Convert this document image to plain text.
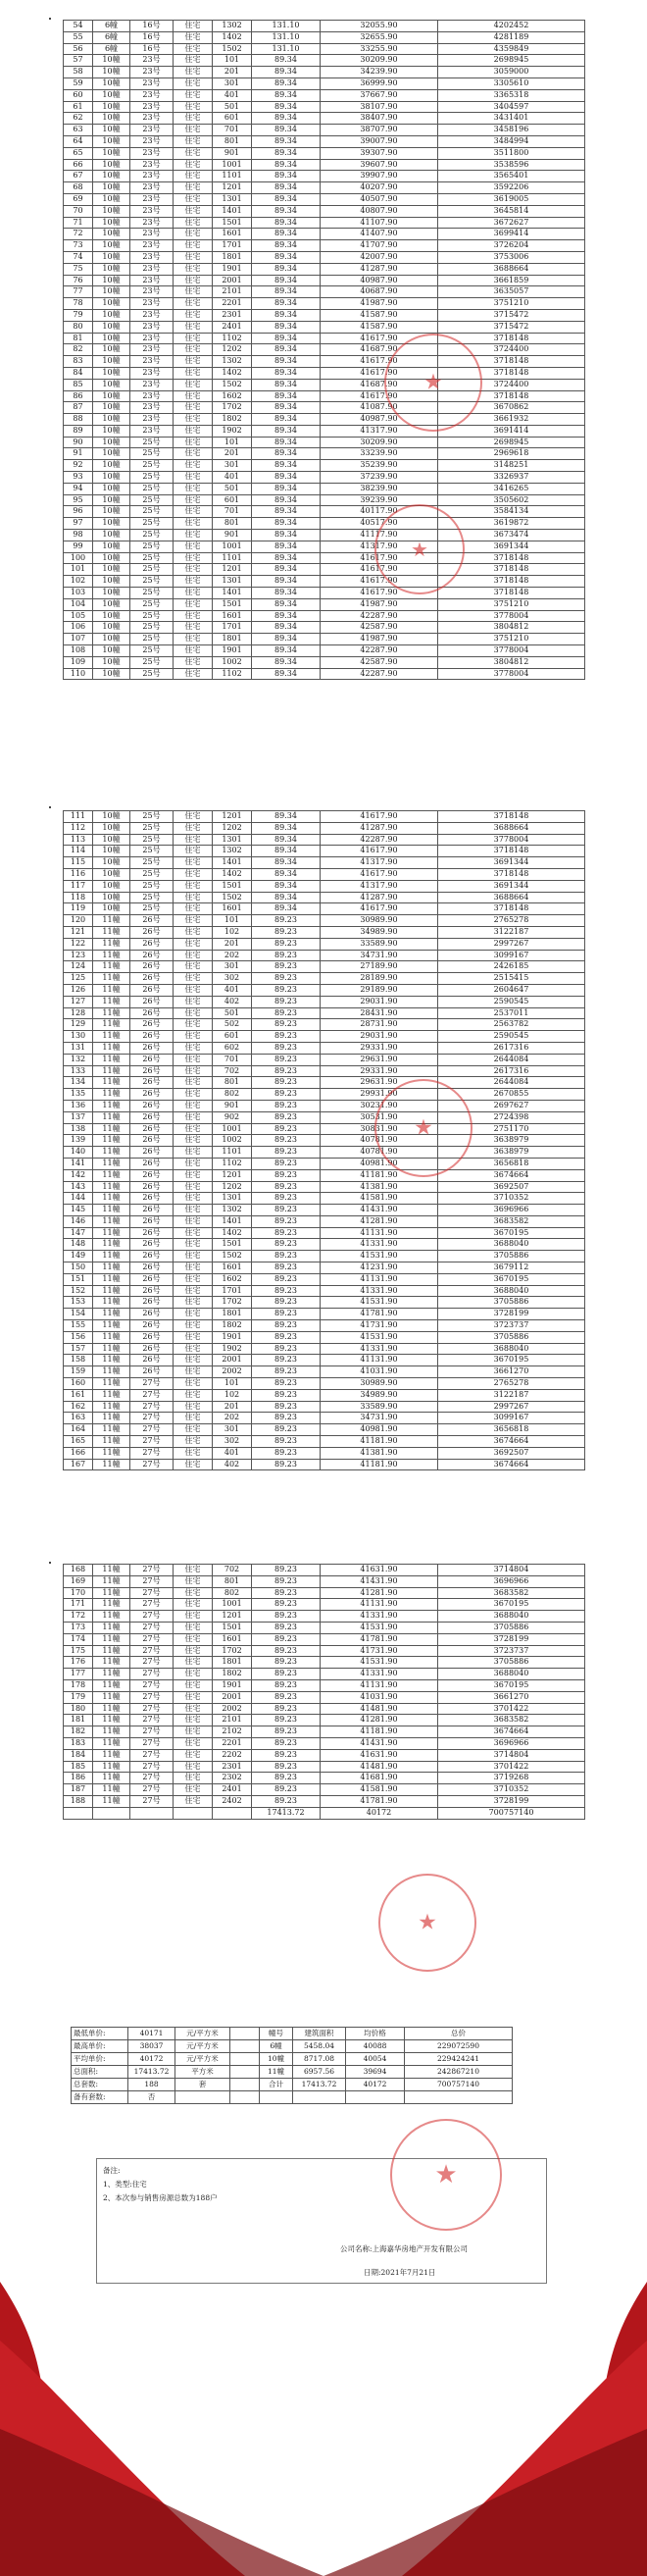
54	6幢	16号	住宅	1302	131.10	32055.90	4202452
55	6幢	16号	住宅	1402	131.10	32655.90	4281189
56	6幢	16号	住宅	1502	131.10	33255.90	4359849
57	10幢	23号	住宅	101	89.34	30209.90	2698945
58	10幢	23号	住宅	201	89.34	34239.90	3059000
59	10幢	23号	住宅	301	89.34	36999.90	3305610
60	10幢	23号	住宅	401	89.34	37667.90	3365318
61	10幢	23号	住宅	501	89.34	38107.90	3404597
62	10幢	23号	住宅	601	89.34	38407.90	3431401
63	10幢	23号	住宅	701	89.34	38707.90	3458196
64	10幢	23号	住宅	801	89.34	39007.90	3484994
65	10幢	23号	住宅	901	89.34	39307.90	3511800
66	10幢	23号	住宅	1001	89.34	39607.90	3538596
67	10幢	23号	住宅	1101	89.34	39907.90	3565401
68	10幢	23号	住宅	1201	89.34	40207.90	3592206
69	10幢	23号	住宅	1301	89.34	40507.90	3619005
70	10幢	23号	住宅	1401	89.34	40807.90	3645814
71	10幢	23号	住宅	1501	89.34	41107.90	3672627
72	10幢	23号	住宅	1601	89.34	41407.90	3699414
73	10幢	23号	住宅	1701	89.34	41707.90	3726204
74	10幢	23号	住宅	1801	89.34	42007.90	3753006
75	10幢	23号	住宅	1901	89.34	41287.90	3688664
76	10幢	23号	住宅	2001	89.34	40987.90	3661859
77	10幢	23号	住宅	2101	89.34	40687.90	3635057
78	10幢	23号	住宅	2201	89.34	41987.90	3751210
79	10幢	23号	住宅	2301	89.34	41587.90	3715472
80	10幢	23号	住宅	2401	89.34	41587.90	3715472
81	10幢	23号	住宅	1102	89.34	41617.90	3718148
82	10幢	23号	住宅	1202	89.34	41687.90	3724400
83	10幢	23号	住宅	1302	89.34	41617.90	3718148
84	10幢	23号	住宅	1402	89.34	41617.90	3718148
85	10幢	23号	住宅	1502	89.34	41687.90	3724400
86	10幢	23号	住宅	1602	89.34	41617.90	3718148
87	10幢	23号	住宅	1702	89.34	41087.90	3670862
88	10幢	23号	住宅	1802	89.34	40987.90	3661932
89	10幢	23号	住宅	1902	89.34	41317.90	3691414
90	10幢	25号	住宅	101	89.34	30209.90	2698945
91	10幢	25号	住宅	201	89.34	33239.90	2969618
92	10幢	25号	住宅	301	89.34	35239.90	3148251
93	10幢	25号	住宅	401	89.34	37239.90	3326937
94	10幢	25号	住宅	501	89.34	38239.90	3416265
95	10幢	25号	住宅	601	89.34	39239.90	3505602
96	10幢	25号	住宅	701	89.34	40117.90	3584134
97	10幢	25号	住宅	801	89.34	40517.90	3619872
98	10幢	25号	住宅	901	89.34	41117.90	3673474
99	10幢	25号	住宅	1001	89.34	41317.90	3691344
100	10幢	25号	住宅	1101	89.34	41617.90	3718148
101	10幢	25号	住宅	1201	89.34	41617.90	3718148
102	10幢	25号	住宅	1301	89.34	41617.90	3718148
103	10幢	25号	住宅	1401	89.34	41617.90	3718148
104	10幢	25号	住宅	1501	89.34	41987.90	3751210
105	10幢	25号	住宅	1601	89.34	42287.90	3778004
106	10幢	25号	住宅	1701	89.34	42587.90	3804812
107	10幢	25号	住宅	1801	89.34	41987.90	3751210
108	10幢	25号	住宅	1901	89.34	42287.90	3778004
109	10幢	25号	住宅	1002	89.34	42587.90	3804812
110	10幢	25号	住宅	1102	89.34	42287.90	3778004
111	10幢	25号	住宅	1201	89.34	41617.90	3718148
112	10幢	25号	住宅	1202	89.34	41287.90	3688664
113	10幢	25号	住宅	1301	89.34	42287.90	3778004
114	10幢	25号	住宅	1302	89.34	41617.90	3718148
115	10幢	25号	住宅	1401	89.34	41317.90	3691344
116	10幢	25号	住宅	1402	89.34	41617.90	3718148
117	10幢	25号	住宅	1501	89.34	41317.90	3691344
118	10幢	25号	住宅	1502	89.34	41287.90	3688664
119	10幢	25号	住宅	1601	89.34	41617.90	3718148
120	11幢	26号	住宅	101	89.23	30989.90	2765278
121	11幢	26号	住宅	102	89.23	34989.90	3122187
122	11幢	26号	住宅	201	89.23	33589.90	2997267
123	11幢	26号	住宅	202	89.23	34731.90	3099167
124	11幢	26号	住宅	301	89.23	27189.90	2426185
125	11幢	26号	住宅	302	89.23	28189.90	2515415
126	11幢	26号	住宅	401	89.23	29189.90	2604647
127	11幢	26号	住宅	402	89.23	29031.90	2590545
128	11幢	26号	住宅	501	89.23	28431.90	2537011
129	11幢	26号	住宅	502	89.23	28731.90	2563782
130	11幢	26号	住宅	601	89.23	29031.90	2590545
131	11幢	26号	住宅	602	89.23	29331.90	2617316
132	11幢	26号	住宅	701	89.23	29631.90	2644084
133	11幢	26号	住宅	702	89.23	29331.90	2617316
134	11幢	26号	住宅	801	89.23	29631.90	2644084
135	11幢	26号	住宅	802	89.23	29931.90	2670855
136	11幢	26号	住宅	901	89.23	30231.90	2697627
137	11幢	26号	住宅	902	89.23	30531.90	2724398
138	11幢	26号	住宅	1001	89.23	30831.90	2751170
139	11幢	26号	住宅	1002	89.23	40781.90	3638979
140	11幢	26号	住宅	1101	89.23	40781.90	3638979
141	11幢	26号	住宅	1102	89.23	40981.90	3656818
142	11幢	26号	住宅	1201	89.23	41181.90	3674664
143	11幢	26号	住宅	1202	89.23	41381.90	3692507
144	11幢	26号	住宅	1301	89.23	41581.90	3710352
145	11幢	26号	住宅	1302	89.23	41431.90	3696966
146	11幢	26号	住宅	1401	89.23	41281.90	3683582
147	11幢	26号	住宅	1402	89.23	41131.90	3670195
148	11幢	26号	住宅	1501	89.23	41331.90	3688040
149	11幢	26号	住宅	1502	89.23	41531.90	3705886
150	11幢	26号	住宅	1601	89.23	41231.90	3679112
151	11幢	26号	住宅	1602	89.23	41131.90	3670195
152	11幢	26号	住宅	1701	89.23	41331.90	3688040
153	11幢	26号	住宅	1702	89.23	41531.90	3705886
154	11幢	26号	住宅	1801	89.23	41781.90	3728199
155	11幢	26号	住宅	1802	89.23	41731.90	3723737
156	11幢	26号	住宅	1901	89.23	41531.90	3705886
157	11幢	26号	住宅	1902	89.23	41331.90	3688040
158	11幢	26号	住宅	2001	89.23	41131.90	3670195
159	11幢	26号	住宅	2002	89.23	41031.90	3661270
160	11幢	27号	住宅	101	89.23	30989.90	2765278
161	11幢	27号	住宅	102	89.23	34989.90	3122187
162	11幢	27号	住宅	201	89.23	33589.90	2997267
163	11幢	27号	住宅	202	89.23	34731.90	3099167
164	11幢	27号	住宅	301	89.23	40981.90	3656818
165	11幢	27号	住宅	302	89.23	41181.90	3674664
166	11幢	27号	住宅	401	89.23	41381.90	3692507
167	11幢	27号	住宅	402	89.23	41181.90	3674664
168	11幢	27号	住宅	702	89.23	41631.90	3714804
169	11幢	27号	住宅	801	89.23	41431.90	3696966
170	11幢	27号	住宅	802	89.23	41281.90	3683582
171	11幢	27号	住宅	1001	89.23	41131.90	3670195
172	11幢	27号	住宅	1201	89.23	41331.90	3688040
173	11幢	27号	住宅	1501	89.23	41531.90	3705886
174	11幢	27号	住宅	1601	89.23	41781.90	3728199
175	11幢	27号	住宅	1702	89.23	41731.90	3723737
176	11幢	27号	住宅	1801	89.23	41531.90	3705886
177	11幢	27号	住宅	1802	89.23	41331.90	3688040
178	11幢	27号	住宅	1901	89.23	41131.90	3670195
179	11幢	27号	住宅	2001	89.23	41031.90	3661270
180	11幢	27号	住宅	2002	89.23	41481.90	3701422
181	11幢	27号	住宅	2101	89.23	41281.90	3683582
182	11幢	27号	住宅	2102	89.23	41181.90	3674664
183	11幢	27号	住宅	2201	89.23	41431.90	3696966
184	11幢	27号	住宅	2202	89.23	41631.90	3714804
185	11幢	27号	住宅	2301	89.23	41481.90	3701422
186	11幢	27号	住宅	2302	89.23	41681.90	3719268
187	11幢	27号	住宅	2401	89.23	41581.90	3710352
188	11幢	27号	住宅	2402	89.23	41781.90	3728199
					17413.72	40172	700757140
最低单价:	40171	元/平方米		幢号	建筑面积	均价格	总价
最高单价:	38037	元/平方米		6幢	5458.04	40088	229072590
平均单价:	40172	元/平方米		10幢	8717.08	40054	229424241
总面积:	17413.72	平方米		11幢	6957.56	39694	242867210
总套数:	188	套		合计	17413.72	40172	700757140
备有套数:	否						
备注:
1、类型:住宅
2、本次参与销售房源总数为188户
公司名称:上海嘉华房地产开发有限公司
日期:2021年7月21日
★
★
★
★
★
